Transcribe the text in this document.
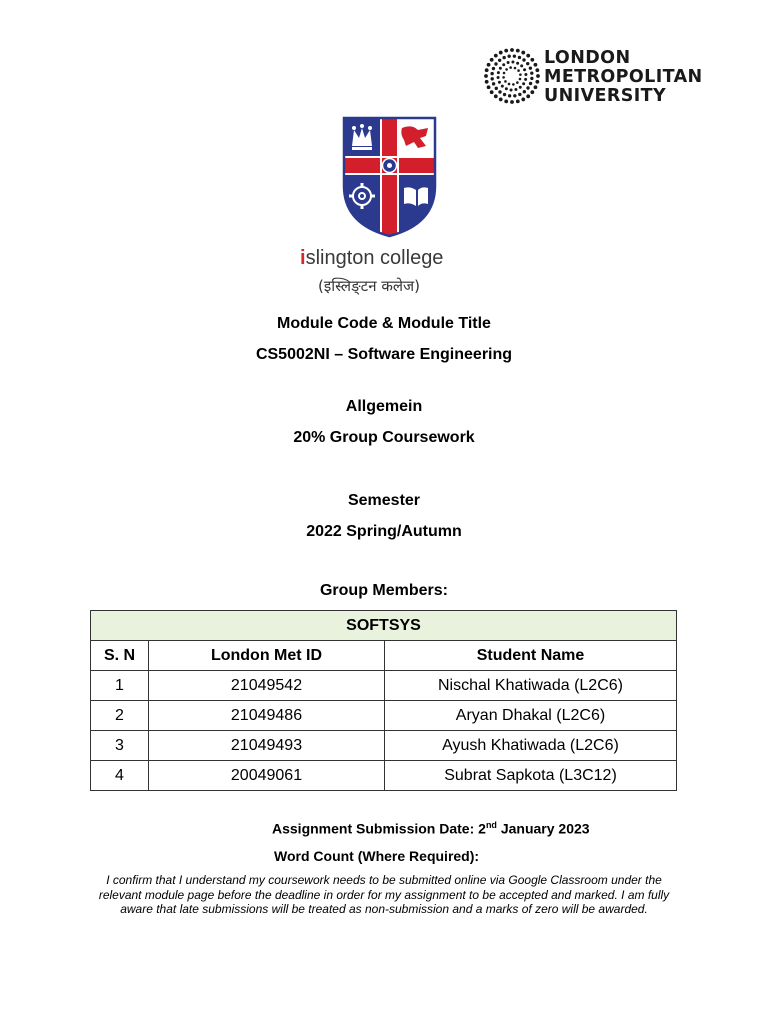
LONDON
METROPOLITAN
UNIVERSITY
islington college
(इस्लिङ्टन कलेज)
Module Code & Module Title
CS5002NI – Software Engineering
Allgemein
20% Group Coursework
Semester
2022 Spring/Autumn
Group Members:
SOFTSYS		
S. N	London Met ID	Student Name
1	21049542	Nischal Khatiwada (L2C6)
2	21049486	Aryan Dhakal (L2C6)
3	21049493	Ayush Khatiwada (L2C6)
4	20049061	Subrat Sapkota (L3C12)
Assignment Submission Date: 2nd January 2023
Word Count (Where Required):
I confirm that I understand my coursework needs to be submitted online via Google Classroom under the relevant module page before the deadline in order for my assignment to be accepted and marked. I am fully aware that late submissions will be treated as non-submission and a marks of zero will be awarded.
